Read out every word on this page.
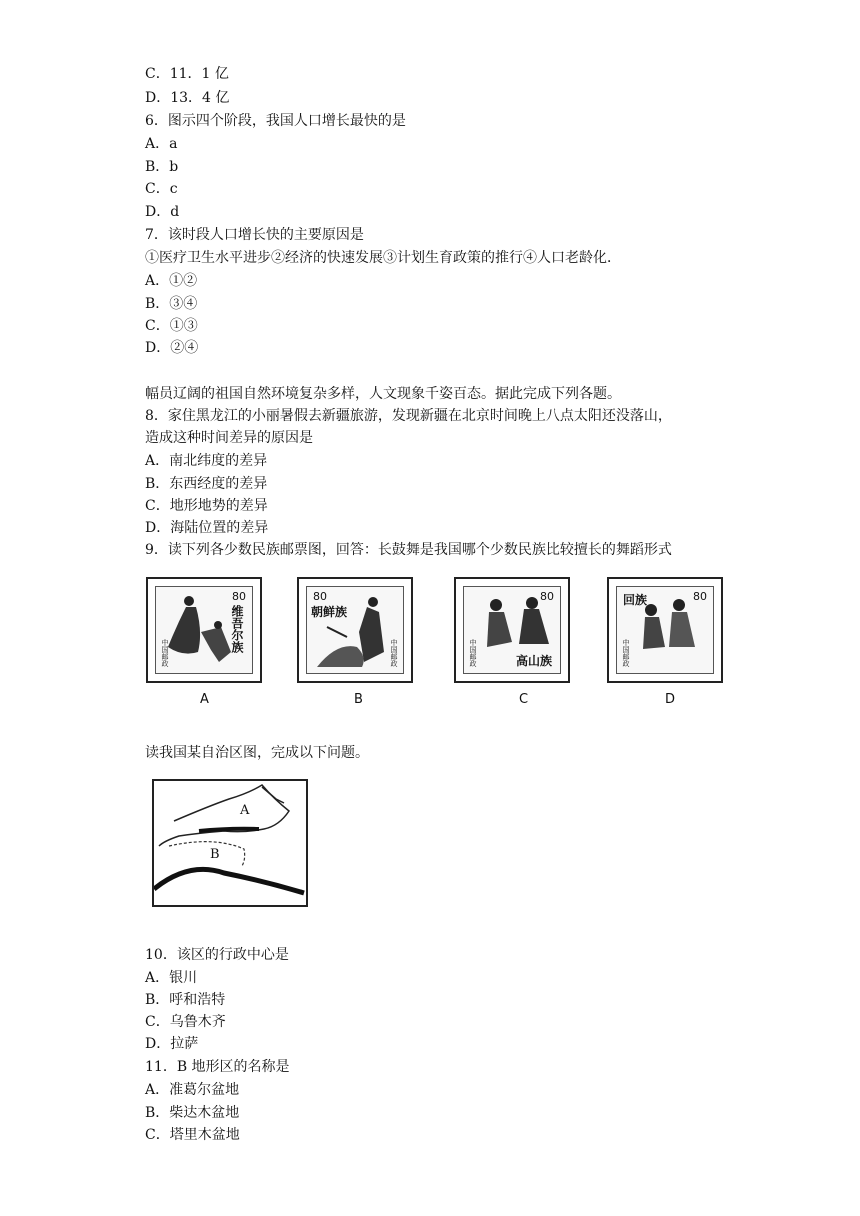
C．11．1 亿
D．13．4 亿
6．图示四个阶段，我国人口增长最快的是
A．a
B．b
C．c
D．d
7．该时段人口增长快的主要原因是
①医疗卫生水平进步②经济的快速发展③计划生育政策的推行④人口老龄化．
A．①②
B．③④
C．①③
D．②④
幅员辽阔的祖国自然环境复杂多样，人文现象千姿百态。据此完成下列各题。
8．家住黑龙江的小丽暑假去新疆旅游，发现新疆在北京时间晚上八点太阳还没落山，
造成这种时间差异的原因是
A．南北纬度的差异
B．东西经度的差异
C．地形地势的差异
D．海陆位置的差异
9．读下列各少数民族邮票图，回答：长鼓舞是我国哪个少数民族比较擅长的舞蹈形式
80
维吾尔族
中国邮政
80
朝鲜族
中国邮政
80
高山族
中国邮政
80
回族
中国邮政
A	B	C	D
读我国某自治区图，完成以下问题。
A
B
10．该区的行政中心是
A．银川
B．呼和浩特
C．乌鲁木齐
D．拉萨
11．B 地形区的名称是
A．准葛尔盆地
B．柴达木盆地
C．塔里木盆地
